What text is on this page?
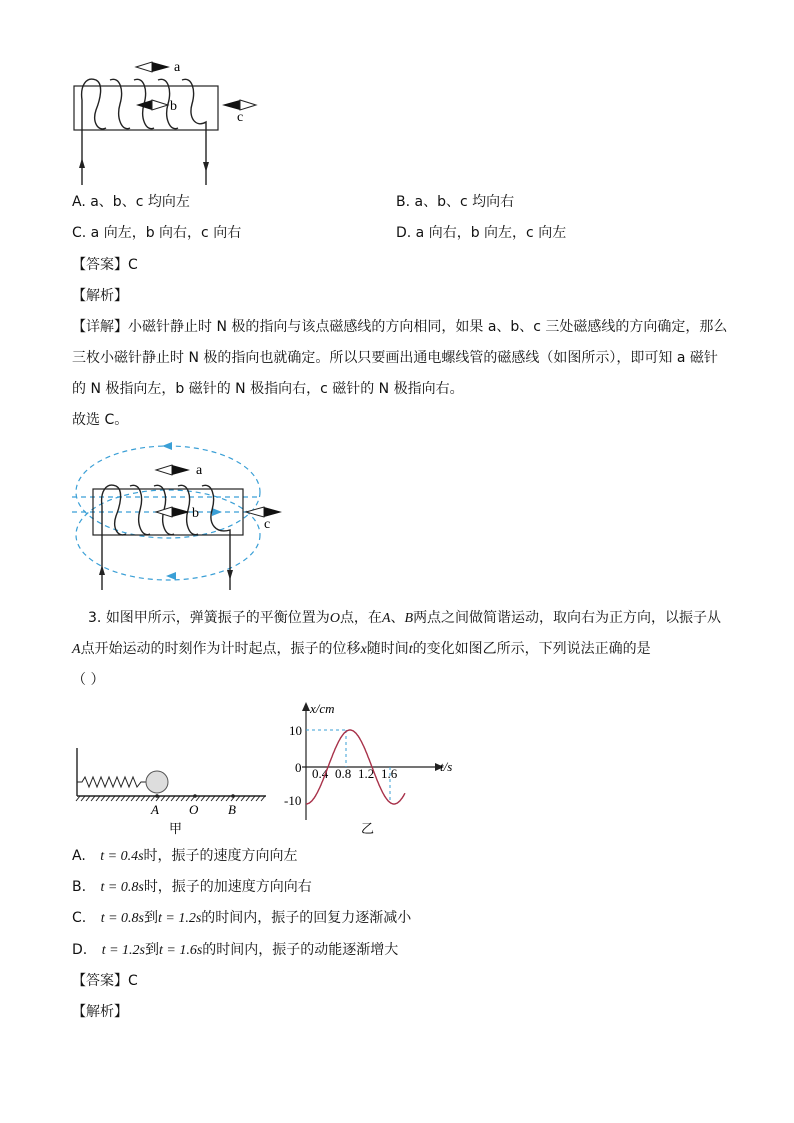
a
b
c
A. a、b、c 均向左	B. a、b、c 均向右
C. a 向左，b 向右，c 向右	D. a 向右，b 向左，c 向左
【答案】C
【解析】
【详解】小磁针静止时 N 极的指向与该点磁感线的方向相同，如果 a、b、c 三处磁感线的方向确定，那么
三枚小磁针静止时 N 极的指向也就确定。所以只要画出通电螺线管的磁感线（如图所示），即可知 a 磁针
的 N 极指向左，b 磁针的 N 极指向右，c 磁针的 N 极指向右。
故选 C。
a
b
c
3. 如图甲所示，弹簧振子的平衡位置为O点，在A、B两点之间做简谐运动，取向右为正方向，以振子从
A点开始运动的时刻作为计时起点，振子的位移x随时间t的变化如图乙所示，下列说法正确的是
（ ）
A O B
甲
x/cm
t/s
10
0
-10
0.4 0.8 1.2 1.6
乙
A. t = 0.4s时，振子的速度方向向左
B. t = 0.8s时，振子的加速度方向向右
C. t = 0.8s到t = 1.2s的时间内，振子的回复力逐渐减小
D. t = 1.2s到t = 1.6s的时间内，振子的动能逐渐增大
【答案】C
【解析】
